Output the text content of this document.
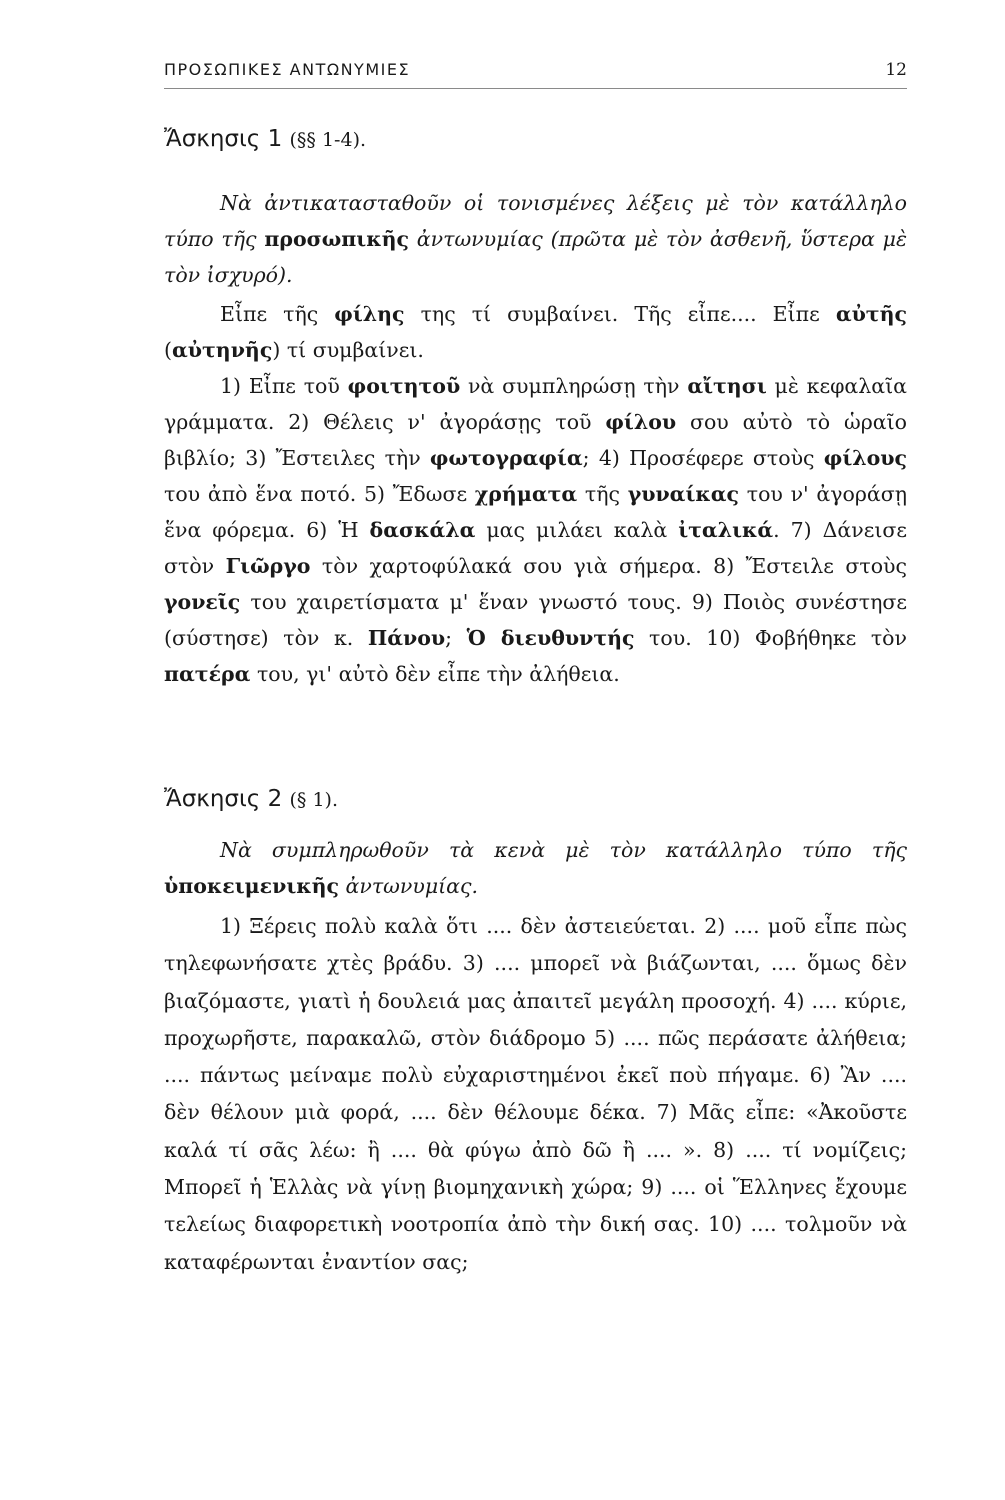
ΠΡΟΣΩΠΙΚΕΣ ΑΝΤΩΝΥΜΙΕΣ	12
Ἄσκησις 1 (§§ 1-4).

Νὰ ἀντικατασταθοῦν οἱ τονισμένες λέξεις μὲ τὸν κατάλληλο τύπο τῆς προσωπικῆς ἀντωνυμίας (πρῶτα μὲ τὸν ἀσθενῆ, ὕστερα μὲ τὸν ἰσχυρό).

Εἶπε τῆς φίλης της τί συμβαίνει. Τῆς εἶπε.... Εἶπε αὐτῆς (αὐτηνῆς) τί συμβαίνει.

1) Εἶπε τοῦ φοιτητοῦ νὰ συμπληρώσῃ τὴν αἴτησι μὲ κεφαλαῖα γράμματα. 2) Θέλεις ν' ἀγοράσῃς τοῦ φίλου σου αὐτὸ τὸ ὡραῖο βιβλίο; 3) Ἔστειλες τὴν φωτογραφία; 4) Προσέφερε στοὺς φίλους του ἀπὸ ἕνα ποτό. 5) Ἔδωσε χρήματα τῆς γυναίκας του ν' ἀγοράσῃ ἕνα φόρεμα. 6) Ἡ δασκάλα μας μιλάει καλὰ ἰταλικά. 7) Δάνεισε στὸν Γιῶργο τὸν χαρτοφύλακά σου γιὰ σήμερα. 8) Ἔστειλε στοὺς γονεῖς του χαιρετίσματα μ' ἕναν γνωστό τους. 9) Ποιὸς συνέστησε (σύστησε) τὸν κ. Πάνου; Ὁ διευθυντής του. 10) Φοβήθηκε τὸν πατέρα του, γι' αὐτὸ δὲν εἶπε τὴν ἀλήθεια.

Ἄσκησις 2 (§ 1).

Νὰ συμπληρωθοῦν τὰ κενὰ μὲ τὸν κατάλληλο τύπο τῆς ὑποκειμενικῆς ἀντωνυμίας.

1) Ξέρεις πολὺ καλὰ ὅτι .... δὲν ἀστειεύεται. 2) .... μοῦ εἶπε πὼς τηλεφωνήσατε χτὲς βράδυ. 3) .... μπορεῖ νὰ βιάζωνται, .... ὅμως δὲν βιαζόμαστε, γιατὶ ἡ δουλειά μας ἀπαιτεῖ μεγάλη προσοχή. 4) .... κύριε, προχωρῆστε, παρακαλῶ, στὸν διάδρομο 5) .... πῶς περάσατε ἀλήθεια; .... πάντως μείναμε πολὺ εὐχαριστημένοι ἐκεῖ ποὺ πήγαμε. 6) Ἂν .... δὲν θέλουν μιὰ φορά, .... δὲν θέλουμε δέκα. 7) Μᾶς εἶπε: «Ἀκοῦστε καλά τί σᾶς λέω: ἢ .... θὰ φύγω ἀπὸ δῶ ἢ .... ». 8) .... τί νομίζεις; Μπορεῖ ἡ Ἑλλὰς νὰ γίνῃ βιομηχανικὴ χώρα; 9) .... οἱ Ἕλληνες ἔχουμε τελείως διαφορετικὴ νοοτροπία ἀπὸ τὴν δική σας. 10) .... τολμοῦν νὰ καταφέρωνται ἐναντίον σας;
